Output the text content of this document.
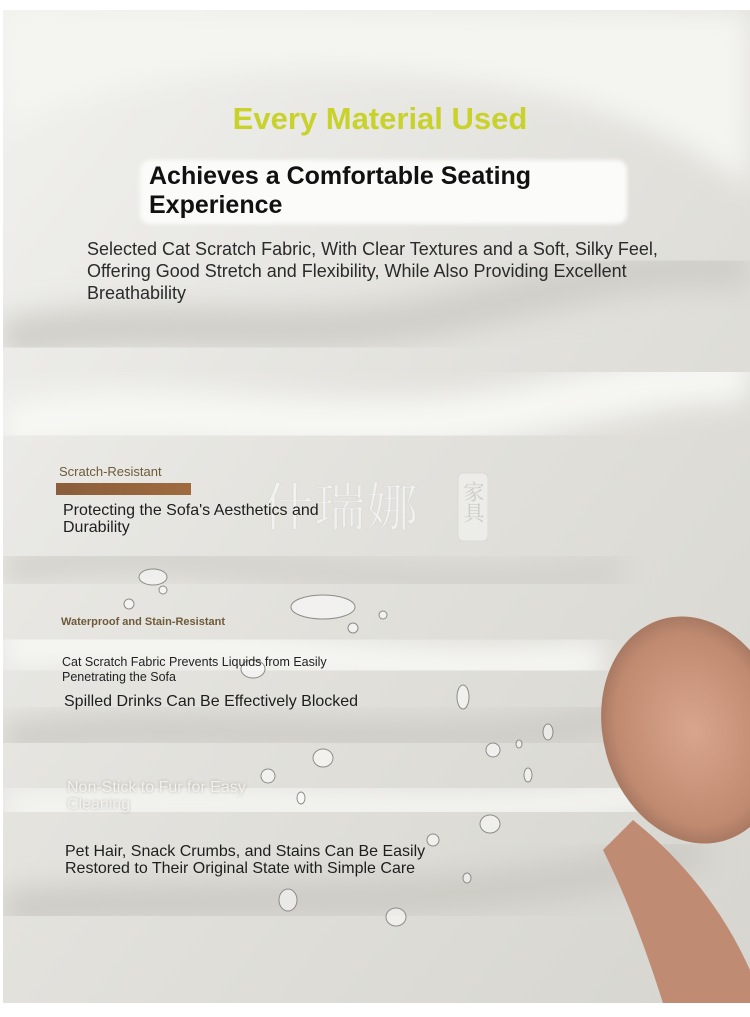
什瑞娜 家具
Every Material Used
Achieves a Comfortable Seating Experience

Selected Cat Scratch Fabric, With Clear Textures and a Soft, Silky Feel, Offering Good Stretch and Flexibility, While Also Providing Excellent Breathability

Scratch-Resistant

Protecting the Sofa's Aesthetics and Durability

Waterproof and Stain-Resistant

Cat Scratch Fabric Prevents Liquids from Easily Penetrating the Sofa

Spilled Drinks Can Be Effectively Blocked

Non-Stick to Fur for Easy Cleaning

Pet Hair, Snack Crumbs, and Stains Can Be Easily Restored to Their Original State with Simple Care
